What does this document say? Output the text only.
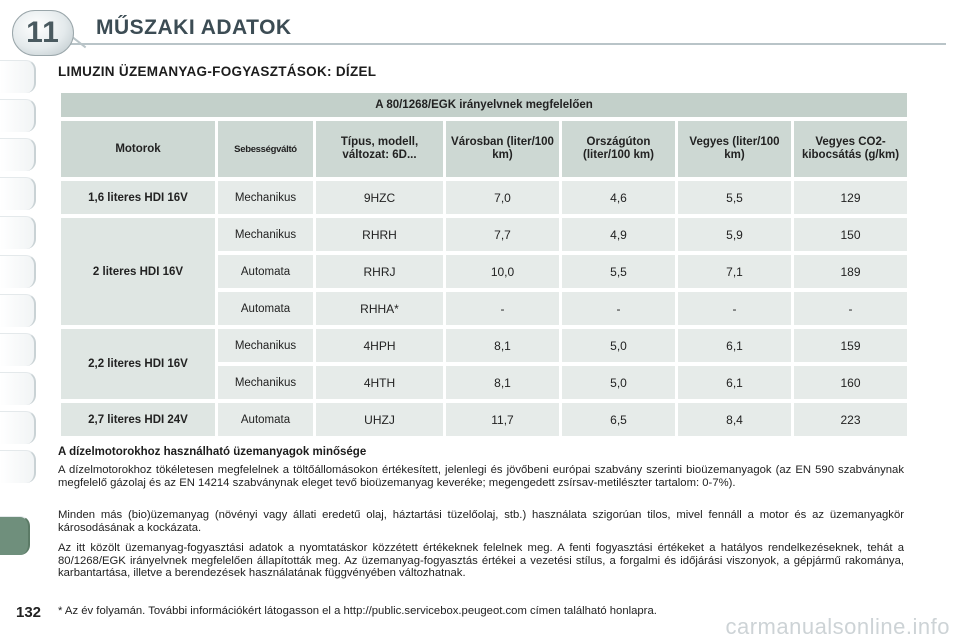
11	MŰSZAKI ADATOK
LIMUZIN ÜZEMANYAG-FOGYASZTÁSOK: DÍZEL
A 80/1268/EGK irányelvnek megfelelően						
Motorok	Sebességváltó	Típus, modell, változat: 6D...	Városban (liter/100 km)	Országúton (liter/100 km)	Vegyes (liter/100 km)	Vegyes CO2-kibocsátás (g/km)
1,6 literes HDI 16V	Mechanikus	9HZC	7,0	4,6	5,5	129
2 literes HDI 16V	Mechanikus	RHRH	7,7	4,9	5,9	150
	Automata	RHRJ	10,0	5,5	7,1	189
	Automata	RHHA*	-	-	-	-
2,2 literes HDI 16V	Mechanikus	4HPH	8,1	5,0	6,1	159
	Mechanikus	4HTH	8,1	5,0	6,1	160
2,7 literes HDI 24V	Automata	UHZJ	11,7	6,5	8,4	223
A dízelmotorokhoz használható üzemanyagok minősége
A dízelmotorokhoz tökéletesen megfelelnek a töltőállomásokon értékesített, jelenlegi és jövőbeni európai szabvány szerinti bioüzemanyagok (az EN 590 szabványnak megfelelő gázolaj és az EN 14214 szabványnak eleget tevő bioüzemanyag keveréke; megengedett zsírsav-metilészter tartalom: 0-7%).
Minden más (bio)üzemanyag (növényi vagy állati eredetű olaj, háztartási tüzelőolaj, stb.) használata szigorúan tilos, mivel fennáll a motor és az üzemanyagkör károsodásának a kockázata.
Az itt közölt üzemanyag-fogyasztási adatok a nyomtatáskor közzétett értékeknek felelnek meg. A fenti fogyasztási értékeket a hatályos rendelkezéseknek, tehát a 80/1268/EGK irányelvnek megfelelően állapították meg. Az üzemanyag-fogyasztás értékei a vezetési stílus, a forgalmi és időjárási viszonyok, a gépjármű rakománya, karbantartása, illetve a berendezések használatának függvényében változhatnak.
132 * Az év folyamán. További információkért látogasson el a http://public.servicebox.peugeot.com címen található honlapra.
carmanualsonline.info
